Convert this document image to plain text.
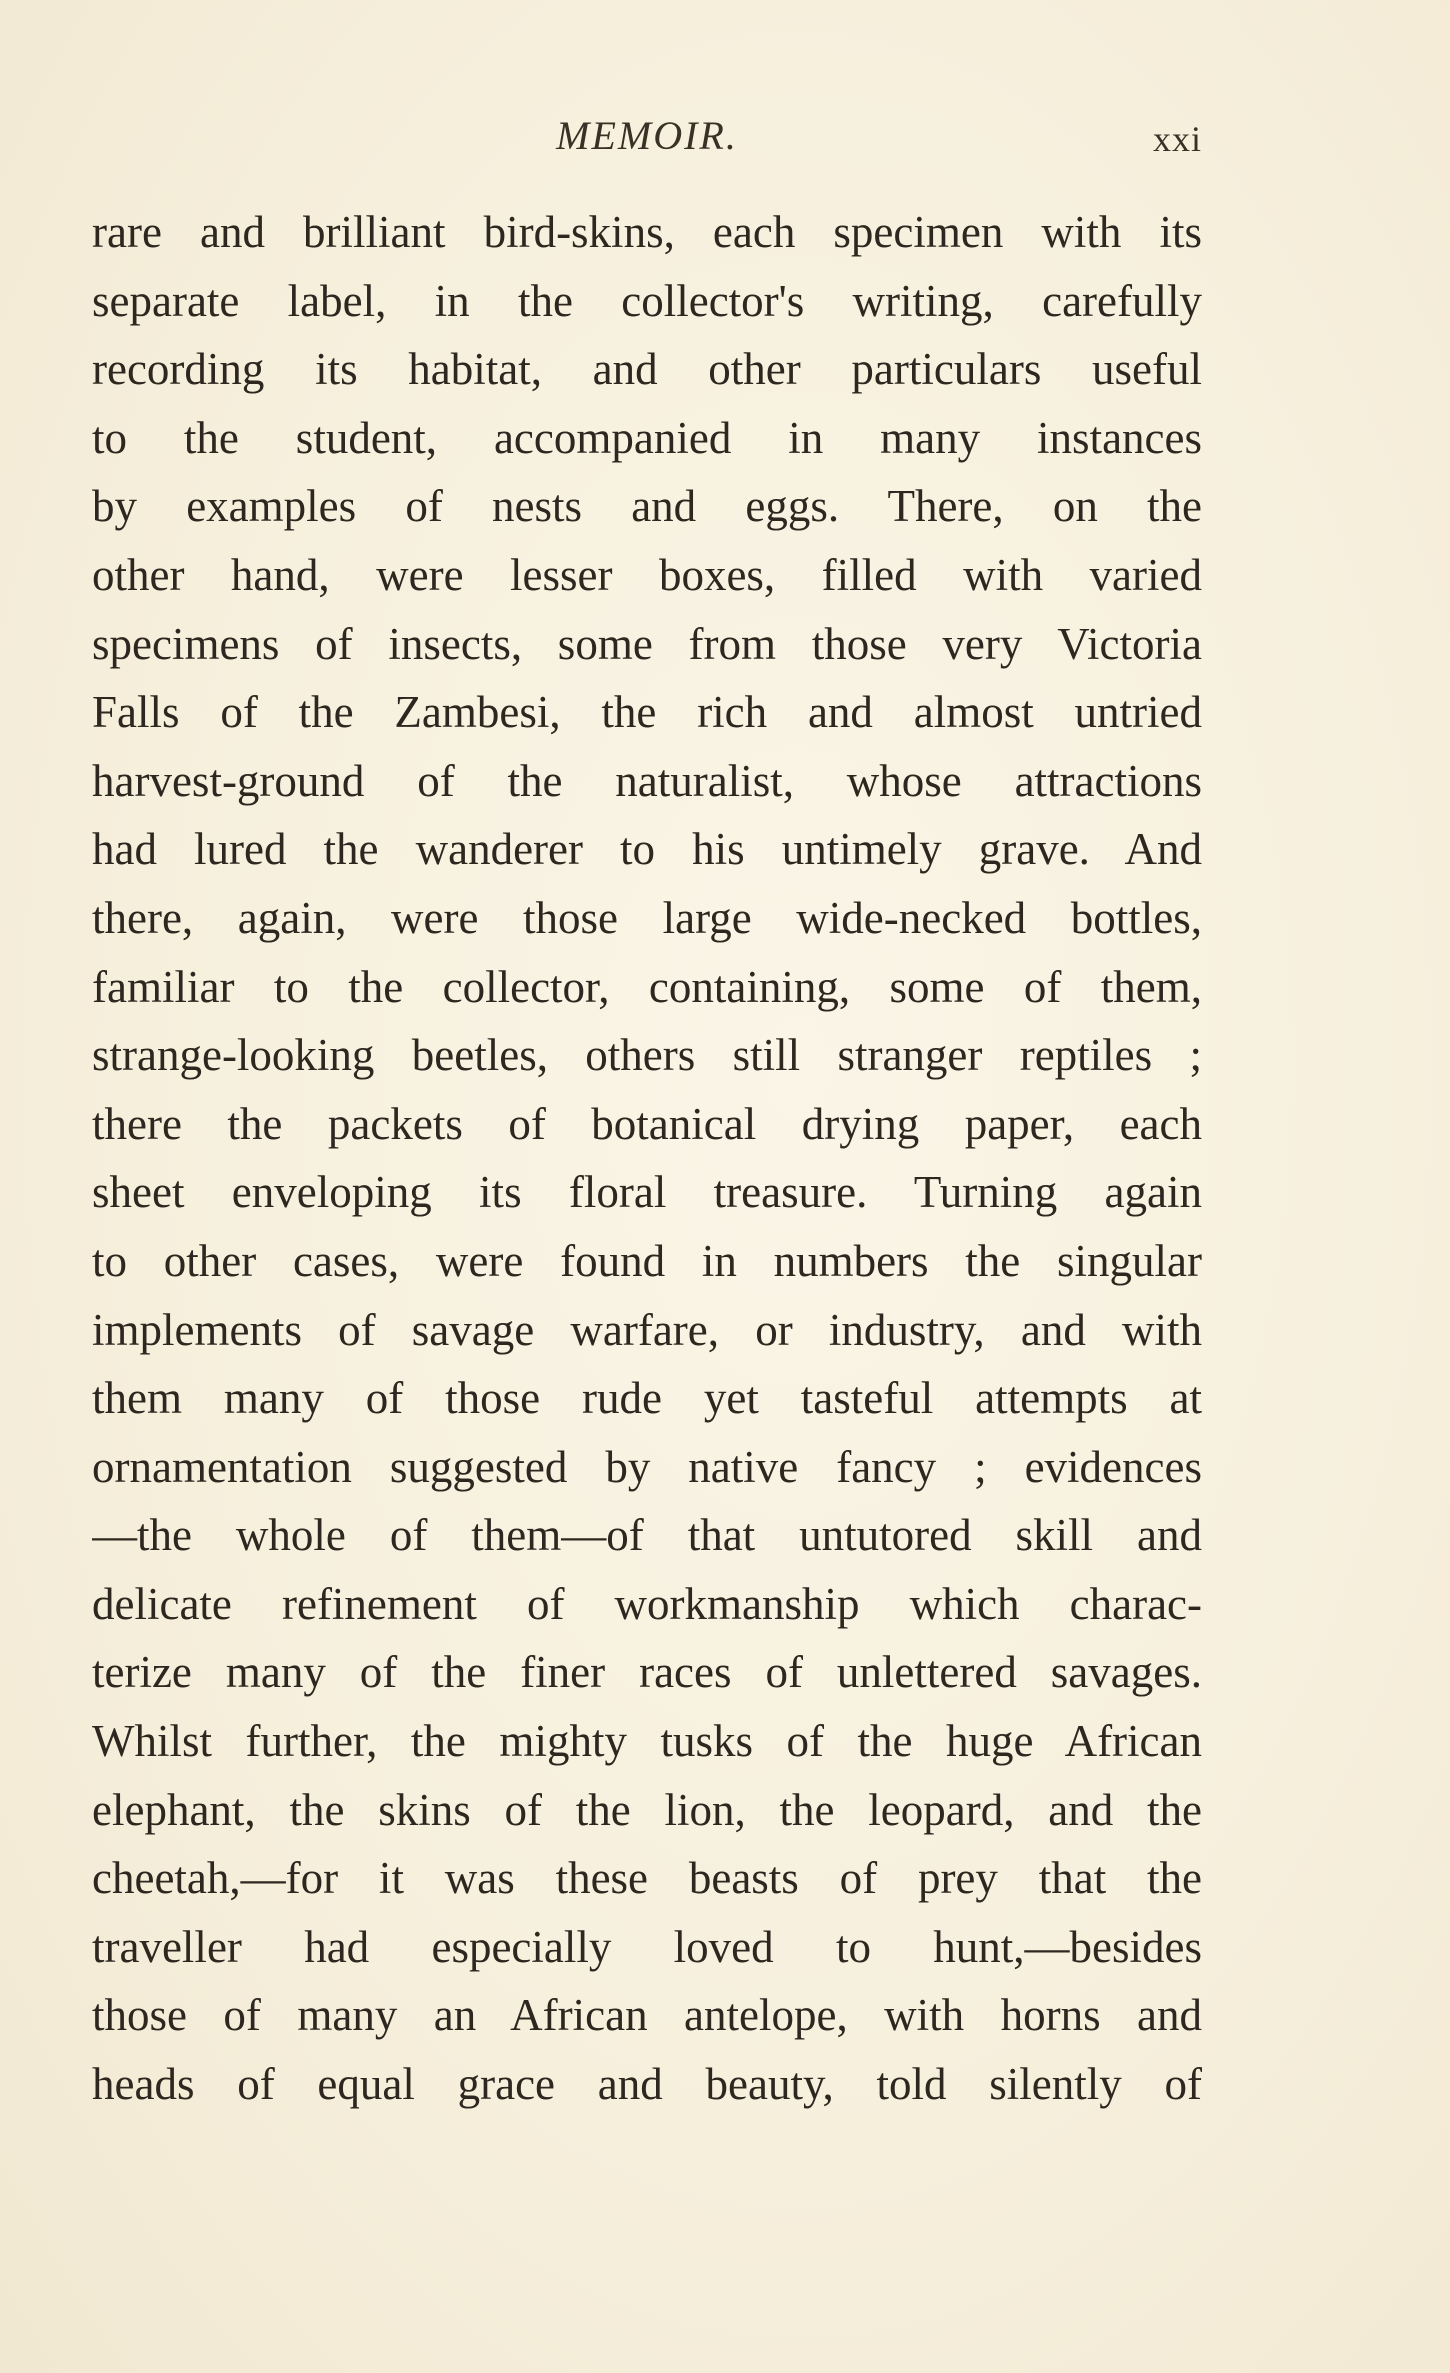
MEMOIR.	xxi
rare and brilliant bird-skins, each specimen with its
separate label, in the collector's writing, carefully
recording its habitat, and other particulars useful
to the student, accompanied in many instances
by examples of nests and eggs. There, on the
other hand, were lesser boxes, filled with varied
specimens of insects, some from those very Victoria
Falls of the Zambesi, the rich and almost untried
harvest-ground of the naturalist, whose attractions
had lured the wanderer to his untimely grave. And
there, again, were those large wide-necked bottles,
familiar to the collector, containing, some of them,
strange-looking beetles, others still stranger reptiles ;
there the packets of botanical drying paper, each
sheet enveloping its floral treasure. Turning again
to other cases, were found in numbers the singular
implements of savage warfare, or industry, and with
them many of those rude yet tasteful attempts at
ornamentation suggested by native fancy ; evidences
—the whole of them—of that untutored skill and
delicate refinement of workmanship which charac-
terize many of the finer races of unlettered savages.
Whilst further, the mighty tusks of the huge African
elephant, the skins of the lion, the leopard, and the
cheetah,—for it was these beasts of prey that the
traveller had especially loved to hunt,—besides
those of many an African antelope, with horns and
heads of equal grace and beauty, told silently of
